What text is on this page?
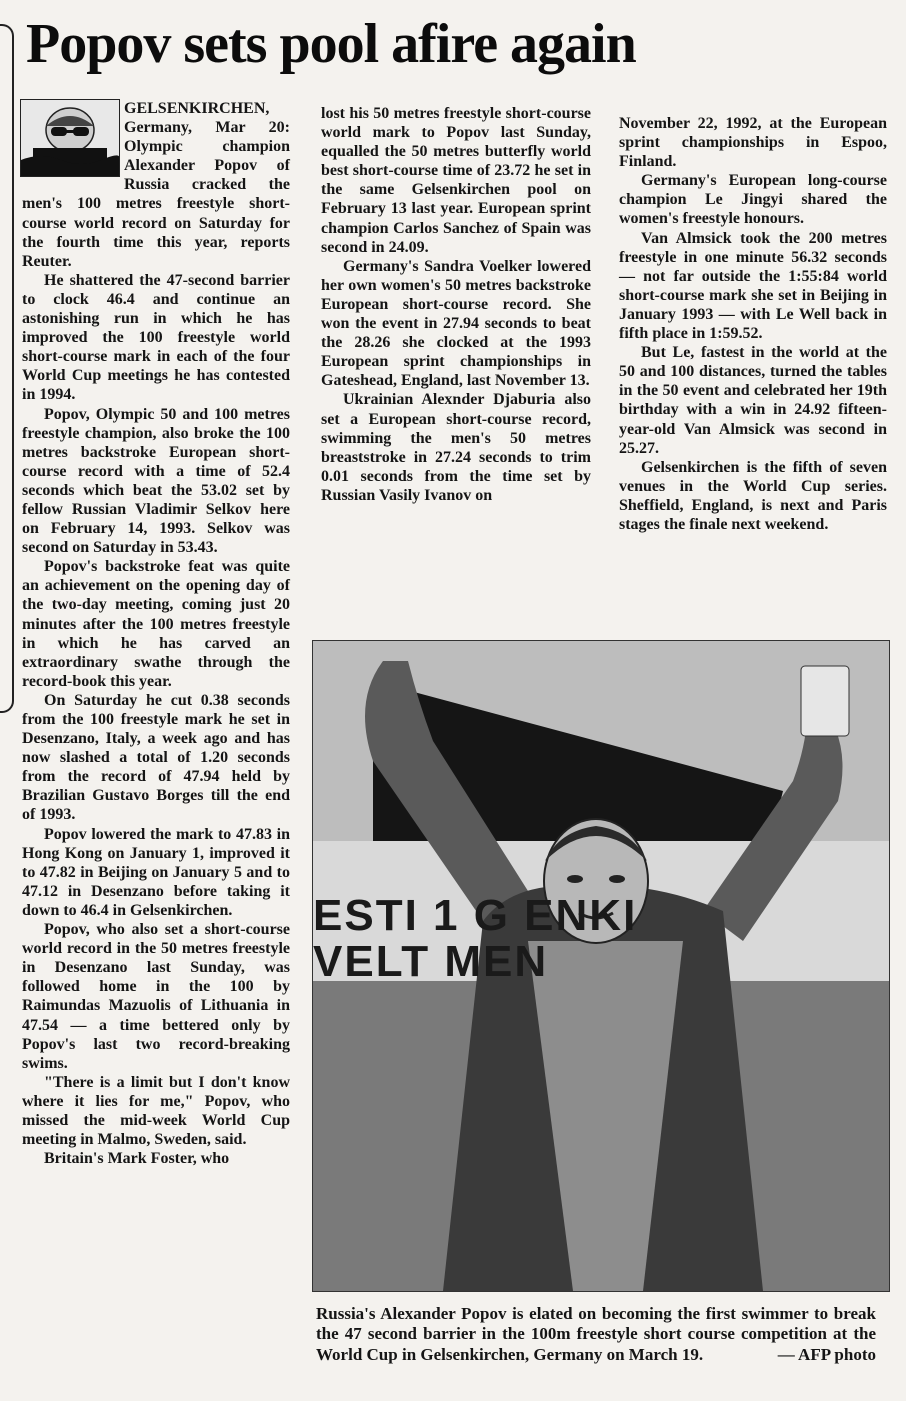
Popov sets pool afire again

GELSENKIRCHEN, Germany, Mar 20: Olympic champion Alexander Popov of Russia cracked the men's 100 metres freestyle short-course world record on Saturday for the fourth time this year, reports Reuter.

He shattered the 47-second barrier to clock 46.4 and continue an astonishing run in which he has improved the 100 freestyle world short-course mark in each of the four World Cup meetings he has contested in 1994.

Popov, Olympic 50 and 100 metres freestyle champion, also broke the 100 metres backstroke European short-course record with a time of 52.4 seconds which beat the 53.02 set by fellow Russian Vladimir Selkov here on February 14, 1993. Selkov was second on Saturday in 53.43.

Popov's backstroke feat was quite an achievement on the opening day of the two-day meeting, coming just 20 minutes after the 100 metres freestyle in which he has carved an extraordinary swathe through the record-book this year.

On Saturday he cut 0.38 seconds from the 100 freestyle mark he set in Desenzano, Italy, a week ago and has now slashed a total of 1.20 seconds from the record of 47.94 held by Brazilian Gustavo Borges till the end of 1993.

Popov lowered the mark to 47.83 in Hong Kong on January 1, improved it to 47.82 in Beijing on January 5 and to 47.12 in Desenzano before taking it down to 46.4 in Gelsenkirchen.

Popov, who also set a short-course world record in the 50 metres freestyle in Desenzano last Sunday, was followed home in the 100 by Raimundas Mazuolis of Lithuania in 47.54 — a time bettered only by Popov's last two record-breaking swims.

"There is a limit but I don't know where it lies for me," Popov, who missed the mid-week World Cup meeting in Malmo, Sweden, said.

Britain's Mark Foster, who

lost his 50 metres freestyle short-course world mark to Popov last Sunday, equalled the 50 metres butterfly world best short-course time of 23.72 he set in the same Gelsenkirchen pool on February 13 last year. European sprint champion Carlos Sanchez of Spain was second in 24.09.

Germany's Sandra Voelker lowered her own women's 50 metres backstroke European short-course record. She won the event in 27.94 seconds to beat the 28.26 she clocked at the 1993 European sprint championships in Gateshead, England, last November 13.

Ukrainian Alexnder Djaburia also set a European short-course record, swimming the men's 50 metres breaststroke in 27.24 seconds to trim 0.01 seconds from the time set by Russian Vasily Ivanov on

November 22, 1992, at the European sprint championships in Espoo, Finland.

Germany's European long-course champion Le Jingyi shared the women's freestyle honours.

Van Almsick took the 200 metres freestyle in one minute 56.32 seconds — not far outside the 1:55:84 world short-course mark she set in Beijing in January 1993 — with Le Well back in fifth place in 1:59.52.

But Le, fastest in the world at the 50 and 100 distances, turned the tables in the 50 event and celebrated her 19th birthday with a win in 24.92 fifteen-year-old Van Almsick was second in 25.27.

Gelsenkirchen is the fifth of seven venues in the World Cup series. Sheffield, England, is next and Paris stages the finale next weekend.

ESTI 1 G ENKI
VELT MEN
Russia's Alexander Popov is elated on becoming the first swimmer to break the 47 second barrier in the 100m freestyle short course competition at the World Cup in Gelsenkirchen, Germany on March 19.	— AFP photo
